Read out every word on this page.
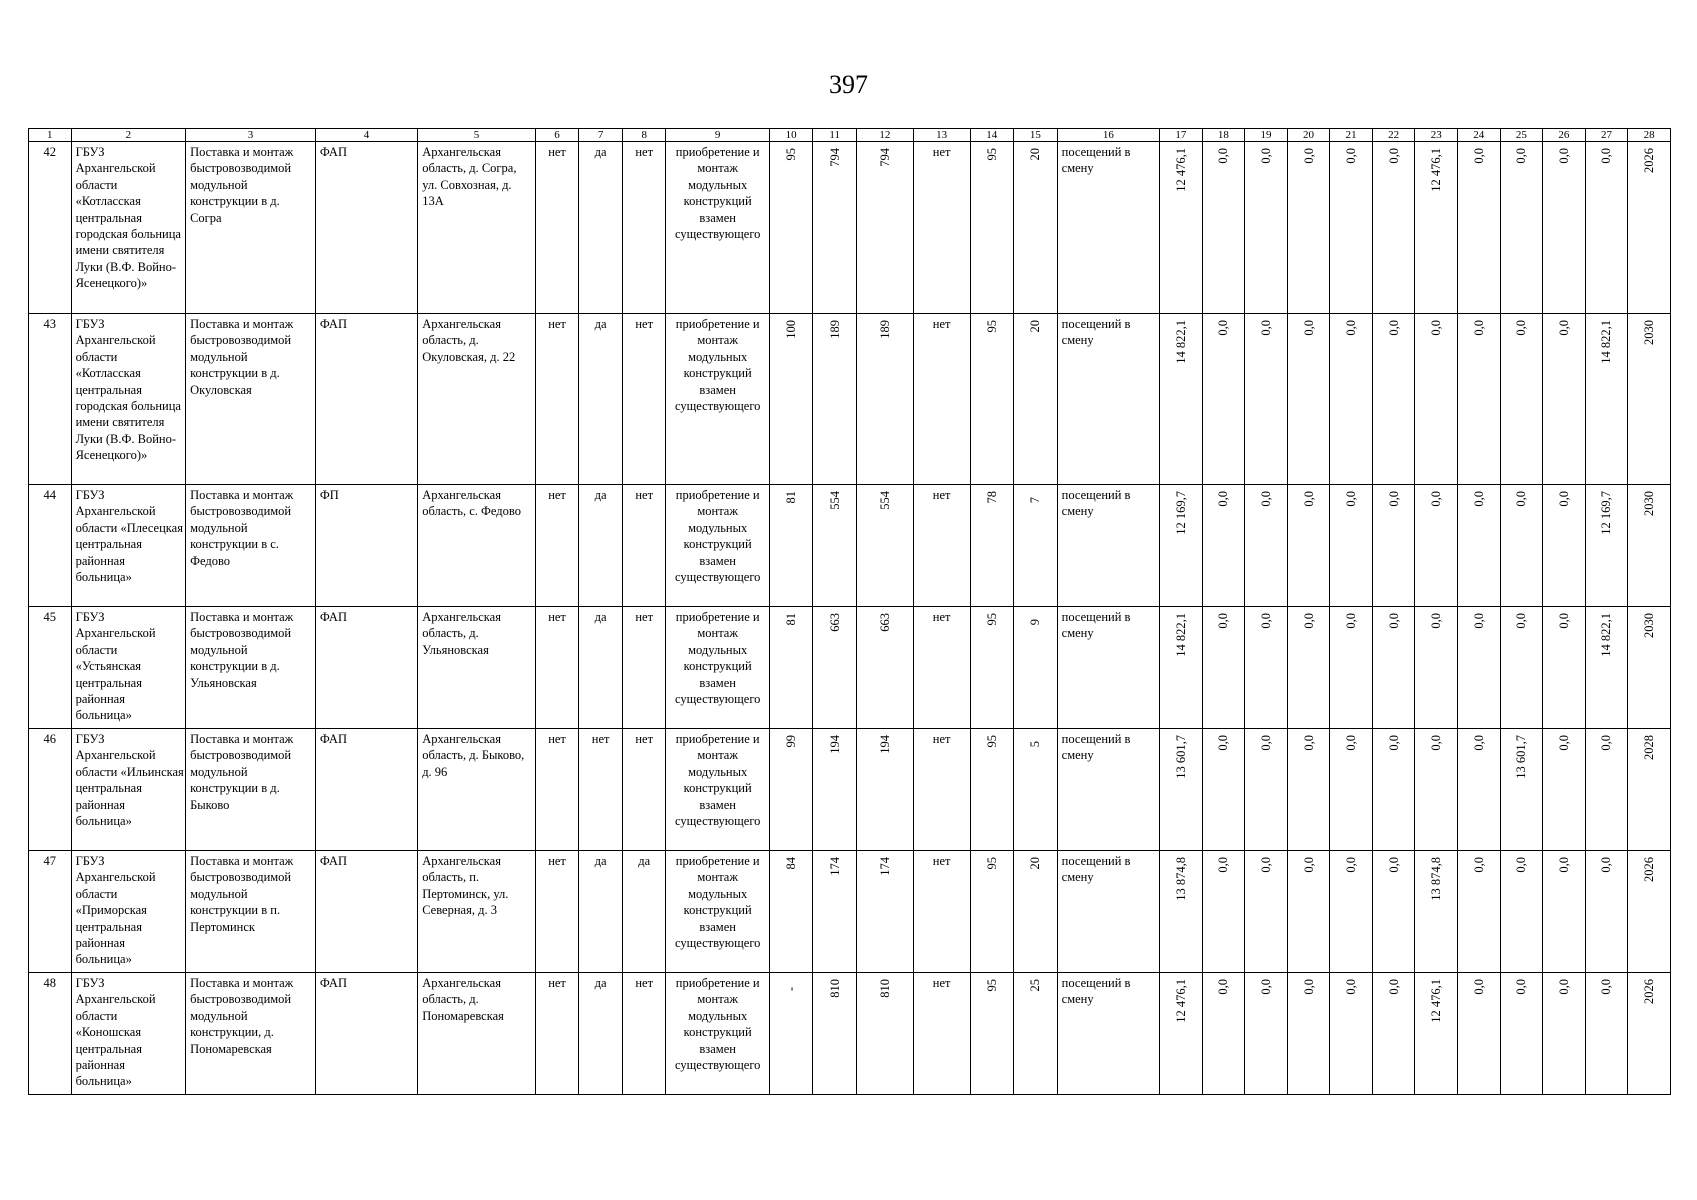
397
1	2	3	4	5	6	7	8	9	10	11	12	13	14	15	16	17	18	19	20	21	22	23	24	25	26	27	28
42	ГБУЗ Архангельской области «Котласская центральная городская больница имени святителя Луки (В.Ф. Войно-Ясенецкого)»	Поставка и монтаж быстровозводимой модульной конструкции в д. Согра	ФАП	Архангельская область, д. Согра, ул. Совхозная, д. 13А	нет	да	нет	приобретение и монтаж модульных конструкций взамен существующего	95	794	794	нет	95	20	посещений в смену	12 476,1	0,0	0,0	0,0	0,0	0,0	12 476,1	0,0	0,0	0,0	0,0	2026
43	ГБУЗ Архангельской области «Котласская центральная городская больница имени святителя Луки (В.Ф. Войно-Ясенецкого)»	Поставка и монтаж быстровозводимой модульной конструкции в д. Окуловская	ФАП	Архангельская область, д. Окуловская, д. 22	нет	да	нет	приобретение и монтаж модульных конструкций взамен существующего	100	189	189	нет	95	20	посещений в смену	14 822,1	0,0	0,0	0,0	0,0	0,0	0,0	0,0	0,0	0,0	14 822,1	2030
44	ГБУЗ Архангельской области «Плесецкая центральная районная больница»	Поставка и монтаж быстровозводимой модульной конструкции в с. Федово	ФП	Архангельская область, с. Федово	нет	да	нет	приобретение и монтаж модульных конструкций взамен существующего	81	554	554	нет	78	7	посещений в смену	12 169,7	0,0	0,0	0,0	0,0	0,0	0,0	0,0	0,0	0,0	12 169,7	2030
45	ГБУЗ Архангельской области «Устьянская центральная районная больница»	Поставка и монтаж быстровозводимой модульной конструкции в д. Ульяновская	ФАП	Архангельская область, д. Ульяновская	нет	да	нет	приобретение и монтаж модульных конструкций взамен существующего	81	663	663	нет	95	9	посещений в смену	14 822,1	0,0	0,0	0,0	0,0	0,0	0,0	0,0	0,0	0,0	14 822,1	2030
46	ГБУЗ Архангельской области «Ильинская центральная районная больница»	Поставка и монтаж быстровозводимой модульной конструкции в д. Быково	ФАП	Архангельская область, д. Быково, д. 96	нет	нет	нет	приобретение и монтаж модульных конструкций взамен существующего	99	194	194	нет	95	5	посещений в смену	13 601,7	0,0	0,0	0,0	0,0	0,0	0,0	0,0	13 601,7	0,0	0,0	2028
47	ГБУЗ Архангельской области «Приморская центральная районная больница»	Поставка и монтаж быстровозводимой модульной конструкции в п. Пертоминск	ФАП	Архангельская область, п. Пертоминск, ул. Северная, д. 3	нет	да	да	приобретение и монтаж модульных конструкций взамен существующего	84	174	174	нет	95	20	посещений в смену	13 874,8	0,0	0,0	0,0	0,0	0,0	13 874,8	0,0	0,0	0,0	0,0	2026
48	ГБУЗ Архангельской области «Коношская центральная районная больница»	Поставка и монтаж быстровозводимой модульной конструкции, д. Пономаревская	ФАП	Архангельская область, д. Пономаревская	нет	да	нет	приобретение и монтаж модульных конструкций взамен существующего	-	810	810	нет	95	25	посещений в смену	12 476,1	0,0	0,0	0,0	0,0	0,0	12 476,1	0,0	0,0	0,0	0,0	2026
